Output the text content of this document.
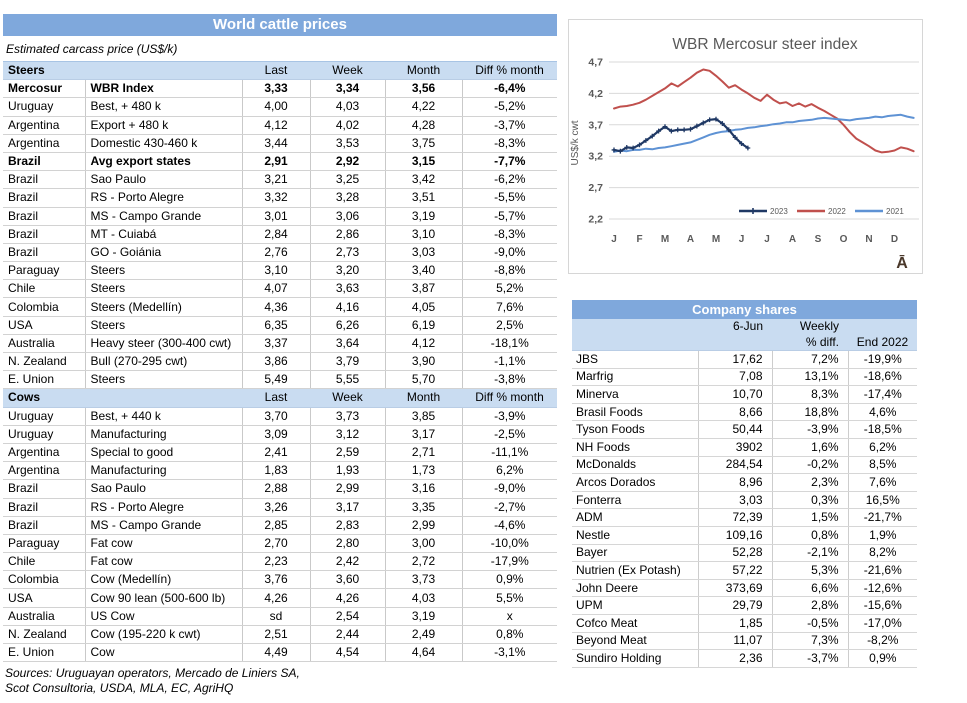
World cattle prices
Estimated carcass price (US$/k)
Steers		Last	Week	Month	Diff % month
Mercosur	WBR Index	3,33	3,34	3,56	-6,4%
Uruguay	Best, + 480 k	4,00	4,03	4,22	-5,2%
Argentina	Export + 480 k	4,12	4,02	4,28	-3,7%
Argentina	Domestic 430-460 k	3,44	3,53	3,75	-8,3%
Brazil	Avg export states	2,91	2,92	3,15	-7,7%
Brazil	Sao Paulo	3,21	3,25	3,42	-6,2%
Brazil	RS - Porto Alegre	3,32	3,28	3,51	-5,5%
Brazil	MS - Campo Grande	3,01	3,06	3,19	-5,7%
Brazil	MT - Cuiabá	2,84	2,86	3,10	-8,3%
Brazil	GO - Goiánia	2,76	2,73	3,03	-9,0%
Paraguay	Steers	3,10	3,20	3,40	-8,8%
Chile	Steers	4,07	3,63	3,87	5,2%
Colombia	Steers (Medellín)	4,36	4,16	4,05	7,6%
USA	Steers	6,35	6,26	6,19	2,5%
Australia	Heavy steer (300-400 cwt)	3,37	3,64	4,12	-18,1%
N. Zealand	Bull (270-295 cwt)	3,86	3,79	3,90	-1,1%
E. Union	Steers	5,49	5,55	5,70	-3,8%
Cows		Last	Week	Month	Diff % month
Uruguay	Best, + 440 k	3,70	3,73	3,85	-3,9%
Uruguay	Manufacturing	3,09	3,12	3,17	-2,5%
Argentina	Special to good	2,41	2,59	2,71	-11,1%
Argentina	Manufacturing	1,83	1,93	1,73	6,2%
Brazil	Sao Paulo	2,88	2,99	3,16	-9,0%
Brazil	RS - Porto Alegre	3,26	3,17	3,35	-2,7%
Brazil	MS - Campo Grande	2,85	2,83	2,99	-4,6%
Paraguay	Fat cow	2,70	2,80	3,00	-10,0%
Chile	Fat cow	2,23	2,42	2,72	-17,9%
Colombia	Cow (Medellín)	3,76	3,60	3,73	0,9%
USA	Cow 90 lean (500-600 lb)	4,26	4,26	4,03	5,5%
Australia	US Cow	sd	2,54	3,19	x
N. Zealand	Cow (195-220 k cwt)	2,51	2,44	2,49	0,8%
E. Union	Cow	4,49	4,54	4,64	-3,1%
Sources: Uruguayan operators, Mercado de Liniers SA,
Scot Consultoria, USDA, MLA, EC, AgriHQ
WBR Mercosur steer index
4,7
4,2
3,7
3,2
2,7
2,2
US$/k cwt
J F M A M J J A S O N D
2023	2022	2021
Ā
Company shares
	6-Jun	Weekly	
		% diff.	End 2022
JBS	17,62	7,2%	-19,9%
Marfrig	7,08	13,1%	-18,6%
Minerva	10,70	8,3%	-17,4%
Brasil Foods	8,66	18,8%	4,6%
Tyson Foods	50,44	-3,9%	-18,5%
NH Foods	3902	1,6%	6,2%
McDonalds	284,54	-0,2%	8,5%
Arcos Dorados	8,96	2,3%	7,6%
Fonterra	3,03	0,3%	16,5%
ADM	72,39	1,5%	-21,7%
Nestle	109,16	0,8%	1,9%
Bayer	52,28	-2,1%	8,2%
Nutrien (Ex Potash)	57,22	5,3%	-21,6%
John Deere	373,69	6,6%	-12,6%
UPM	29,79	2,8%	-15,6%
Cofco Meat	1,85	-0,5%	-17,0%
Beyond Meat	11,07	7,3%	-8,2%
Sundiro Holding	2,36	-3,7%	0,9%
